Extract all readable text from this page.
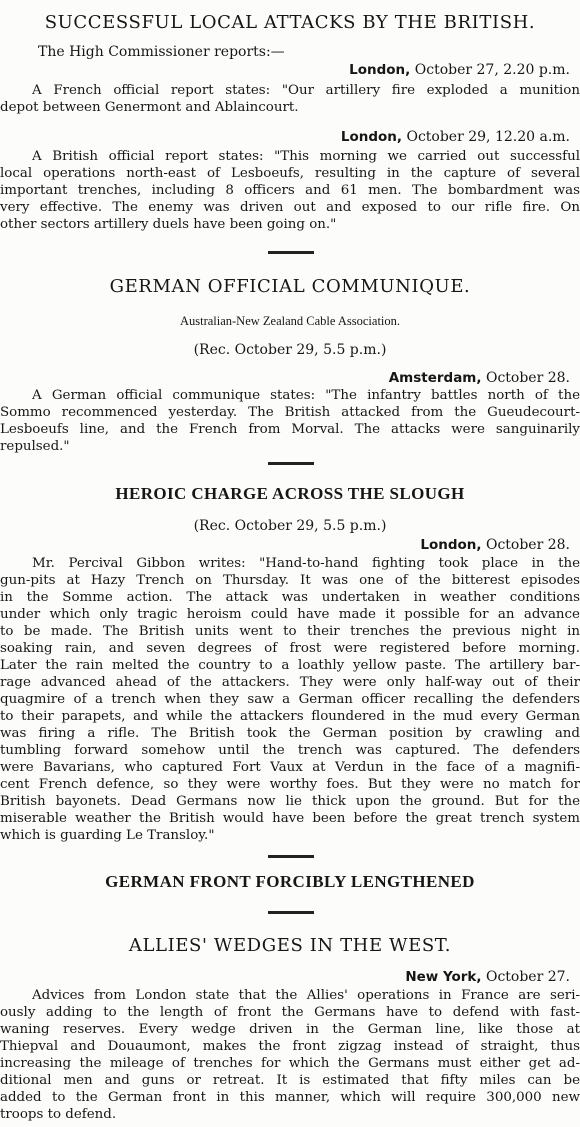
SUCCESSFUL LOCAL ATTACKS BY THE BRITISH.
The High Commissioner reports:—
London, October 27, 2.20 p.m.
A French official report states: "Our artillery fire exploded a munition
depot between Genermont and Ablaincourt.
London, October 29, 12.20 a.m.
A British official report states: "This morning we carried out successful
local operations north-east of Lesboeufs, resulting in the capture of several
important trenches, including 8 officers and 61 men. The bombardment was
very effective. The enemy was driven out and exposed to our rifle fire. On
other sectors artillery duels have been going on."
GERMAN OFFICIAL COMMUNIQUE.
Australian-New Zealand Cable Association.
(Rec. October 29, 5.5 p.m.)
Amsterdam, October 28.
A German official communique states: "The infantry battles north of the
Sommo recommenced yesterday. The British attacked from the Gueudecourt-
Lesboeufs line, and the French from Morval. The attacks were sanguinarily
repulsed."
HEROIC CHARGE ACROSS THE SLOUGH
(Rec. October 29, 5.5 p.m.)
London, October 28.
Mr. Percival Gibbon writes: "Hand-to-hand fighting took place in the
gun-pits at Hazy Trench on Thursday. It was one of the bitterest episodes
in the Somme action. The attack was undertaken in weather conditions
under which only tragic heroism could have made it possible for an advance
to be made. The British units went to their trenches the previous night in
soaking rain, and seven degrees of frost were registered before morning.
Later the rain melted the country to a loathly yellow paste. The artillery bar-
rage advanced ahead of the attackers. They were only half-way out of their
quagmire of a trench when they saw a German officer recalling the defenders
to their parapets, and while the attackers floundered in the mud every German
was firing a rifle. The British took the German position by crawling and
tumbling forward somehow until the trench was captured. The defenders
were Bavarians, who captured Fort Vaux at Verdun in the face of a magnifi-
cent French defence, so they were worthy foes. But they were no match for
British bayonets. Dead Germans now lie thick upon the ground. But for the
miserable weather the British would have been before the great trench system
which is guarding Le Transloy."
GERMAN FRONT FORCIBLY LENGTHENED
ALLIES' WEDGES IN THE WEST.
New York, October 27.
Advices from London state that the Allies' operations in France are seri-
ously adding to the length of front the Germans have to defend with fast-
waning reserves. Every wedge driven in the German line, like those at
Thiepval and Douaumont, makes the front zigzag instead of straight, thus
increasing the mileage of trenches for which the Germans must either get ad-
ditional men and guns or retreat. It is estimated that fifty miles can be
added to the German front in this manner, which will require 300,000 new
troops to defend.
